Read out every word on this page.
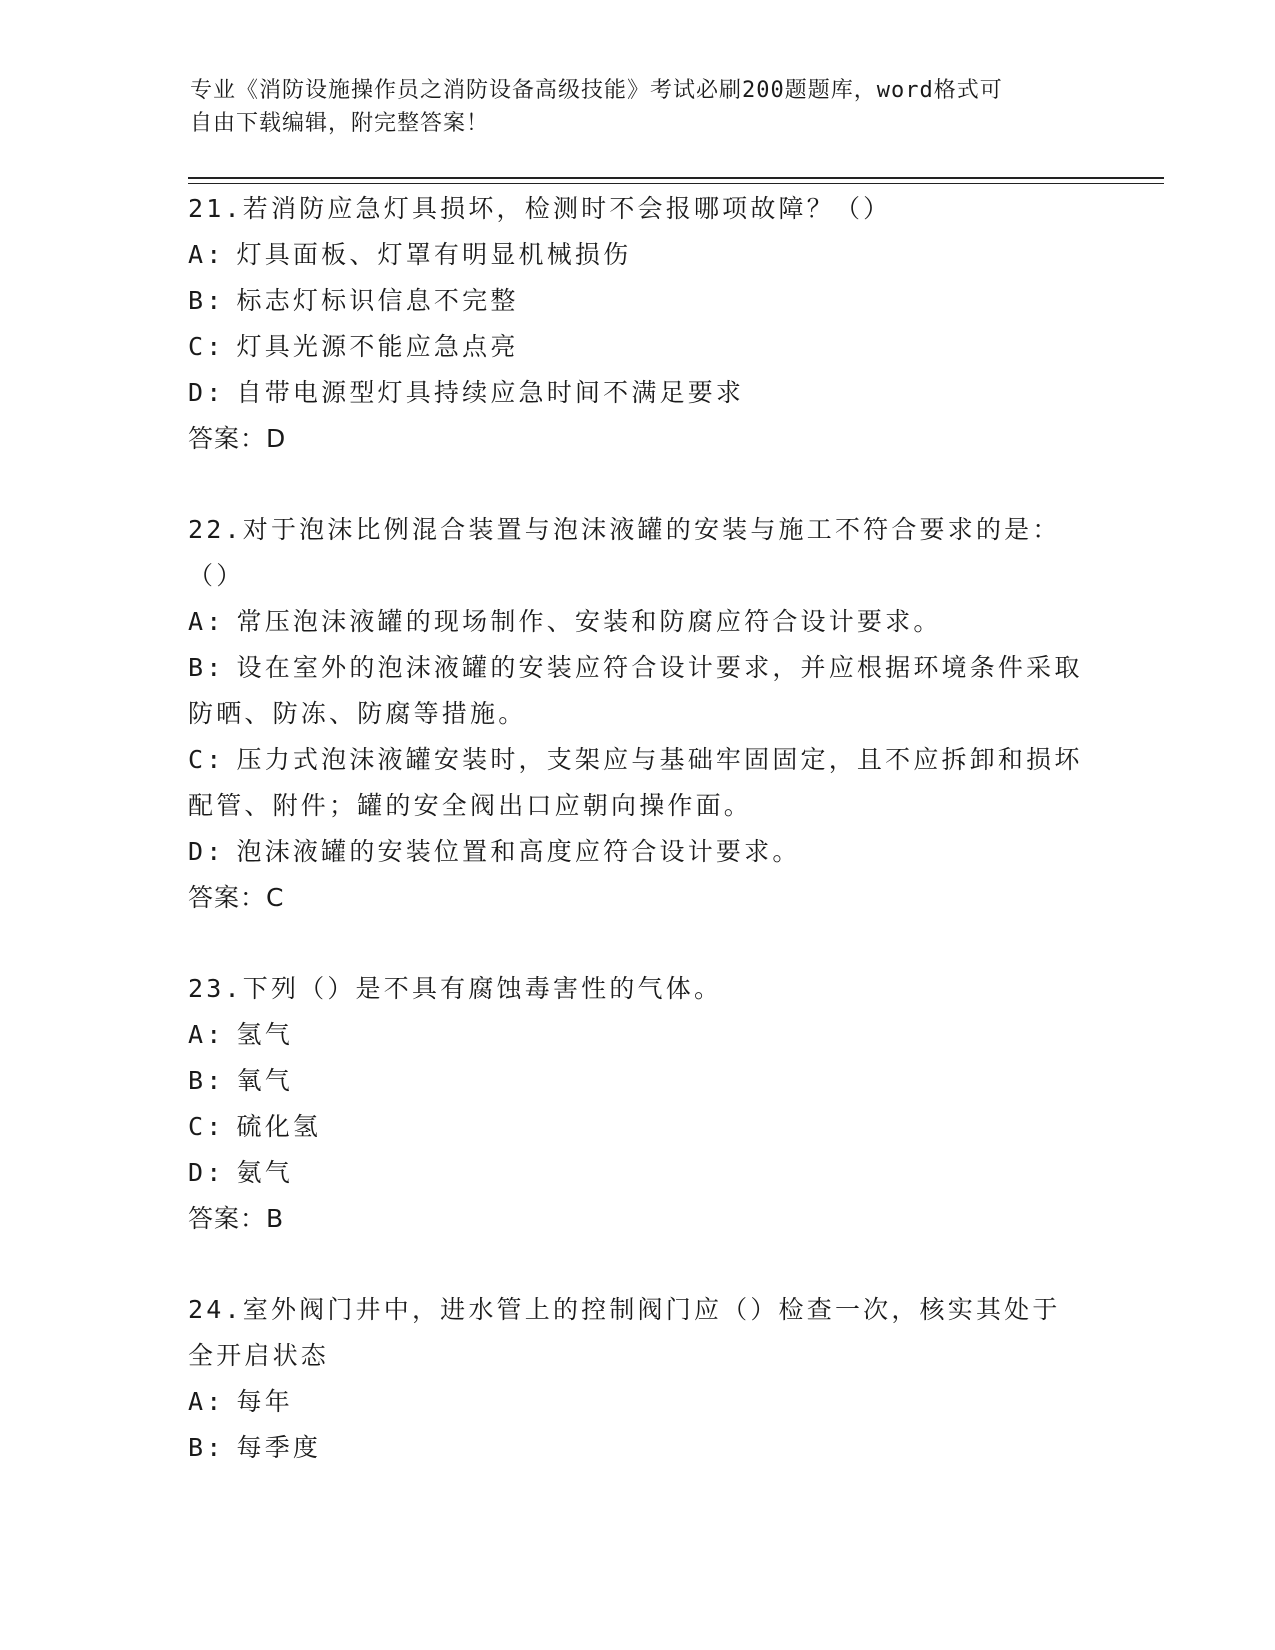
专业《消防设施操作员之消防设备高级技能》考试必刷200题题库，word格式可
自由下载编辑，附完整答案！

21.若消防应急灯具损坏，检测时不会报哪项故障？（）

A: 灯具面板、灯罩有明显机械损伤

B: 标志灯标识信息不完整

C: 灯具光源不能应急点亮

D: 自带电源型灯具持续应急时间不满足要求

答案：D

22.对于泡沫比例混合装置与泡沫液罐的安装与施工不符合要求的是：（）

A: 常压泡沫液罐的现场制作、安装和防腐应符合设计要求。

B: 设在室外的泡沫液罐的安装应符合设计要求，并应根据环境条件采取防晒、防冻、防腐等措施。

C: 压力式泡沫液罐安装时，支架应与基础牢固固定，且不应拆卸和损坏配管、附件；罐的安全阀出口应朝向操作面。

D: 泡沫液罐的安装位置和高度应符合设计要求。

答案：C

23.下列（）是不具有腐蚀毒害性的气体。

A: 氢气

B: 氧气

C: 硫化氢

D: 氨气

答案：B

24.室外阀门井中，进水管上的控制阀门应（）检查一次，核实其处于全开启状态

A: 每年

B: 每季度
